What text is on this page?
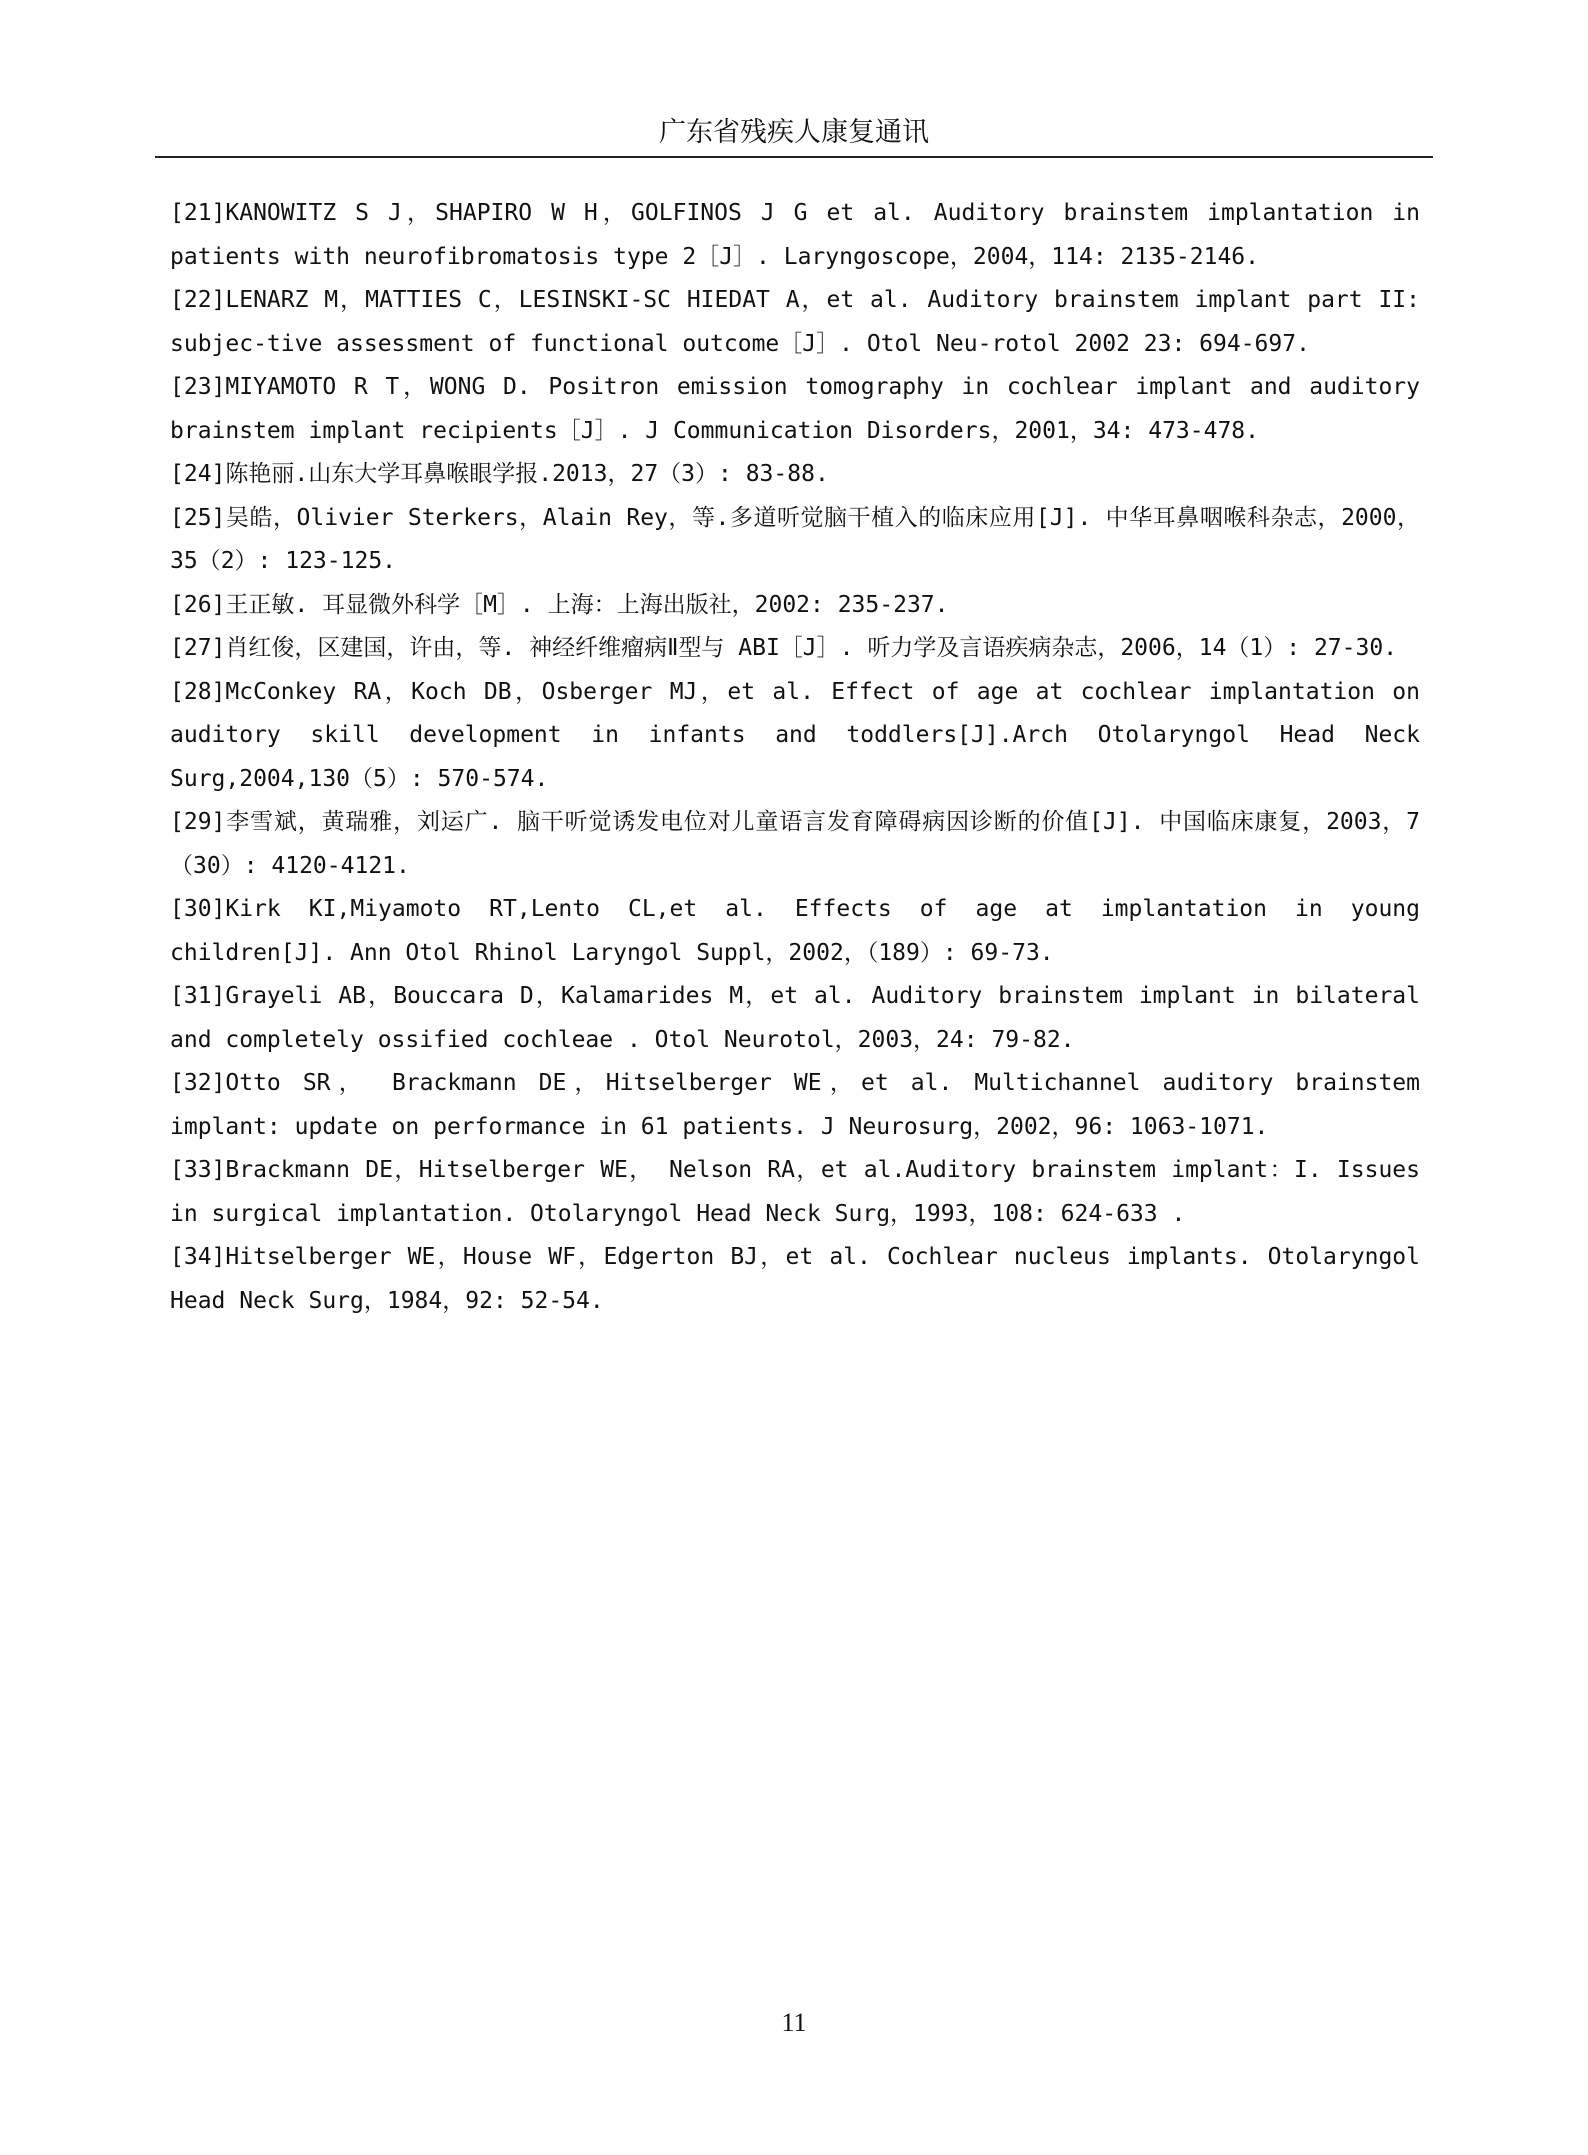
广东省残疾人康复通讯

[21]KANOWITZ S J，SHAPIRO W H，GOLFINOS J G et al. Auditory brainstem implantation in patients with neurofibromatosis type 2［J］. Laryngoscope，2004，114: 2135-2146.

[22]LENARZ M，MATTIES C，LESINSKI-SC HIEDAT A，et al. Auditory brainstem implant part II: subjec-tive assessment of functional outcome［J］. Otol Neu-rotol 2002 23: 694-697.

[23]MIYAMOTO R T，WONG D. Positron emission tomography in cochlear implant and auditory brainstem implant recipients［J］. J Communication Disorders，2001，34: 473-478.

[24]陈艳丽.山东大学耳鼻喉眼学报.2013，27（3）: 83-88.

[25]吴皓，Olivier Sterkers，Alain Rey，等.多道听觉脑干植入的临床应用[J]. 中华耳鼻咽喉科杂志，2000，35（2）: 123-125.

[26]王正敏. 耳显微外科学［M］. 上海：上海出版社，2002: 235-237.

[27]肖红俊，区建国，许由，等. 神经纤维瘤病Ⅱ型与 ABI［J］. 听力学及言语疾病杂志，2006，14（1）: 27-30.

[28]McConkey RA，Koch DB，Osberger MJ，et al. Effect of age at cochlear implantation on auditory skill development in infants and toddlers[J].Arch Otolaryngol Head Neck Surg,2004,130（5）: 570-574.

[29]李雪斌，黄瑞雅，刘运广. 脑干听觉诱发电位对儿童语言发育障碍病因诊断的价值[J]. 中国临床康复，2003，7（30）: 4120-4121.

[30]Kirk KI,Miyamoto RT,Lento CL,et al. Effects of age at implantation in young children[J]. Ann Otol Rhinol Laryngol Suppl，2002，（189）: 69-73.

[31]Grayeli AB，Bouccara D，Kalamarides M，et al. Auditory brainstem implant in bilateral and completely ossified cochleae . Otol Neurotol，2003，24: 79-82.

[32]Otto SR， Brackmann DE，Hitselberger WE，et al. Multichannel auditory brainstem implant: update on performance in 61 patients. J Neurosurg，2002，96: 1063-1071.

[33]Brackmann DE，Hitselberger WE， Nelson RA，et al.Auditory brainstem implant：I. Issues in surgical implantation. Otolaryngol Head Neck Surg，1993，108: 624-633 .

[34]Hitselberger WE，House WF，Edgerton BJ，et al. Cochlear nucleus implants. Otolaryngol Head Neck Surg，1984，92: 52-54.

11
